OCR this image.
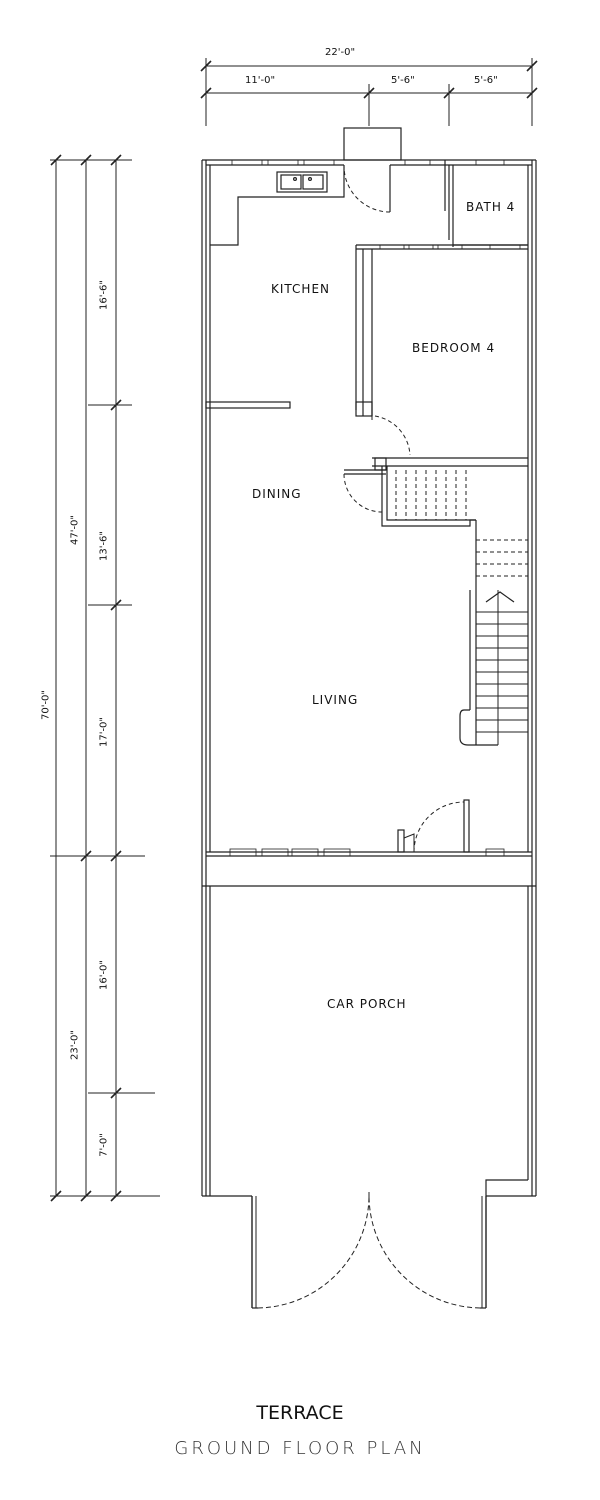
22'-0"
11'-0"	5'-6"	5'-6"
70'-0"
47'-0"
23'-0"
16'-6"
13'-6"
17'-0"
16'-0"
7'-0"
KITCHEN
BATH 4
BEDROOM 4
DINING
LIVING
CAR PORCH
TERRACE
GROUND FLOOR PLAN
